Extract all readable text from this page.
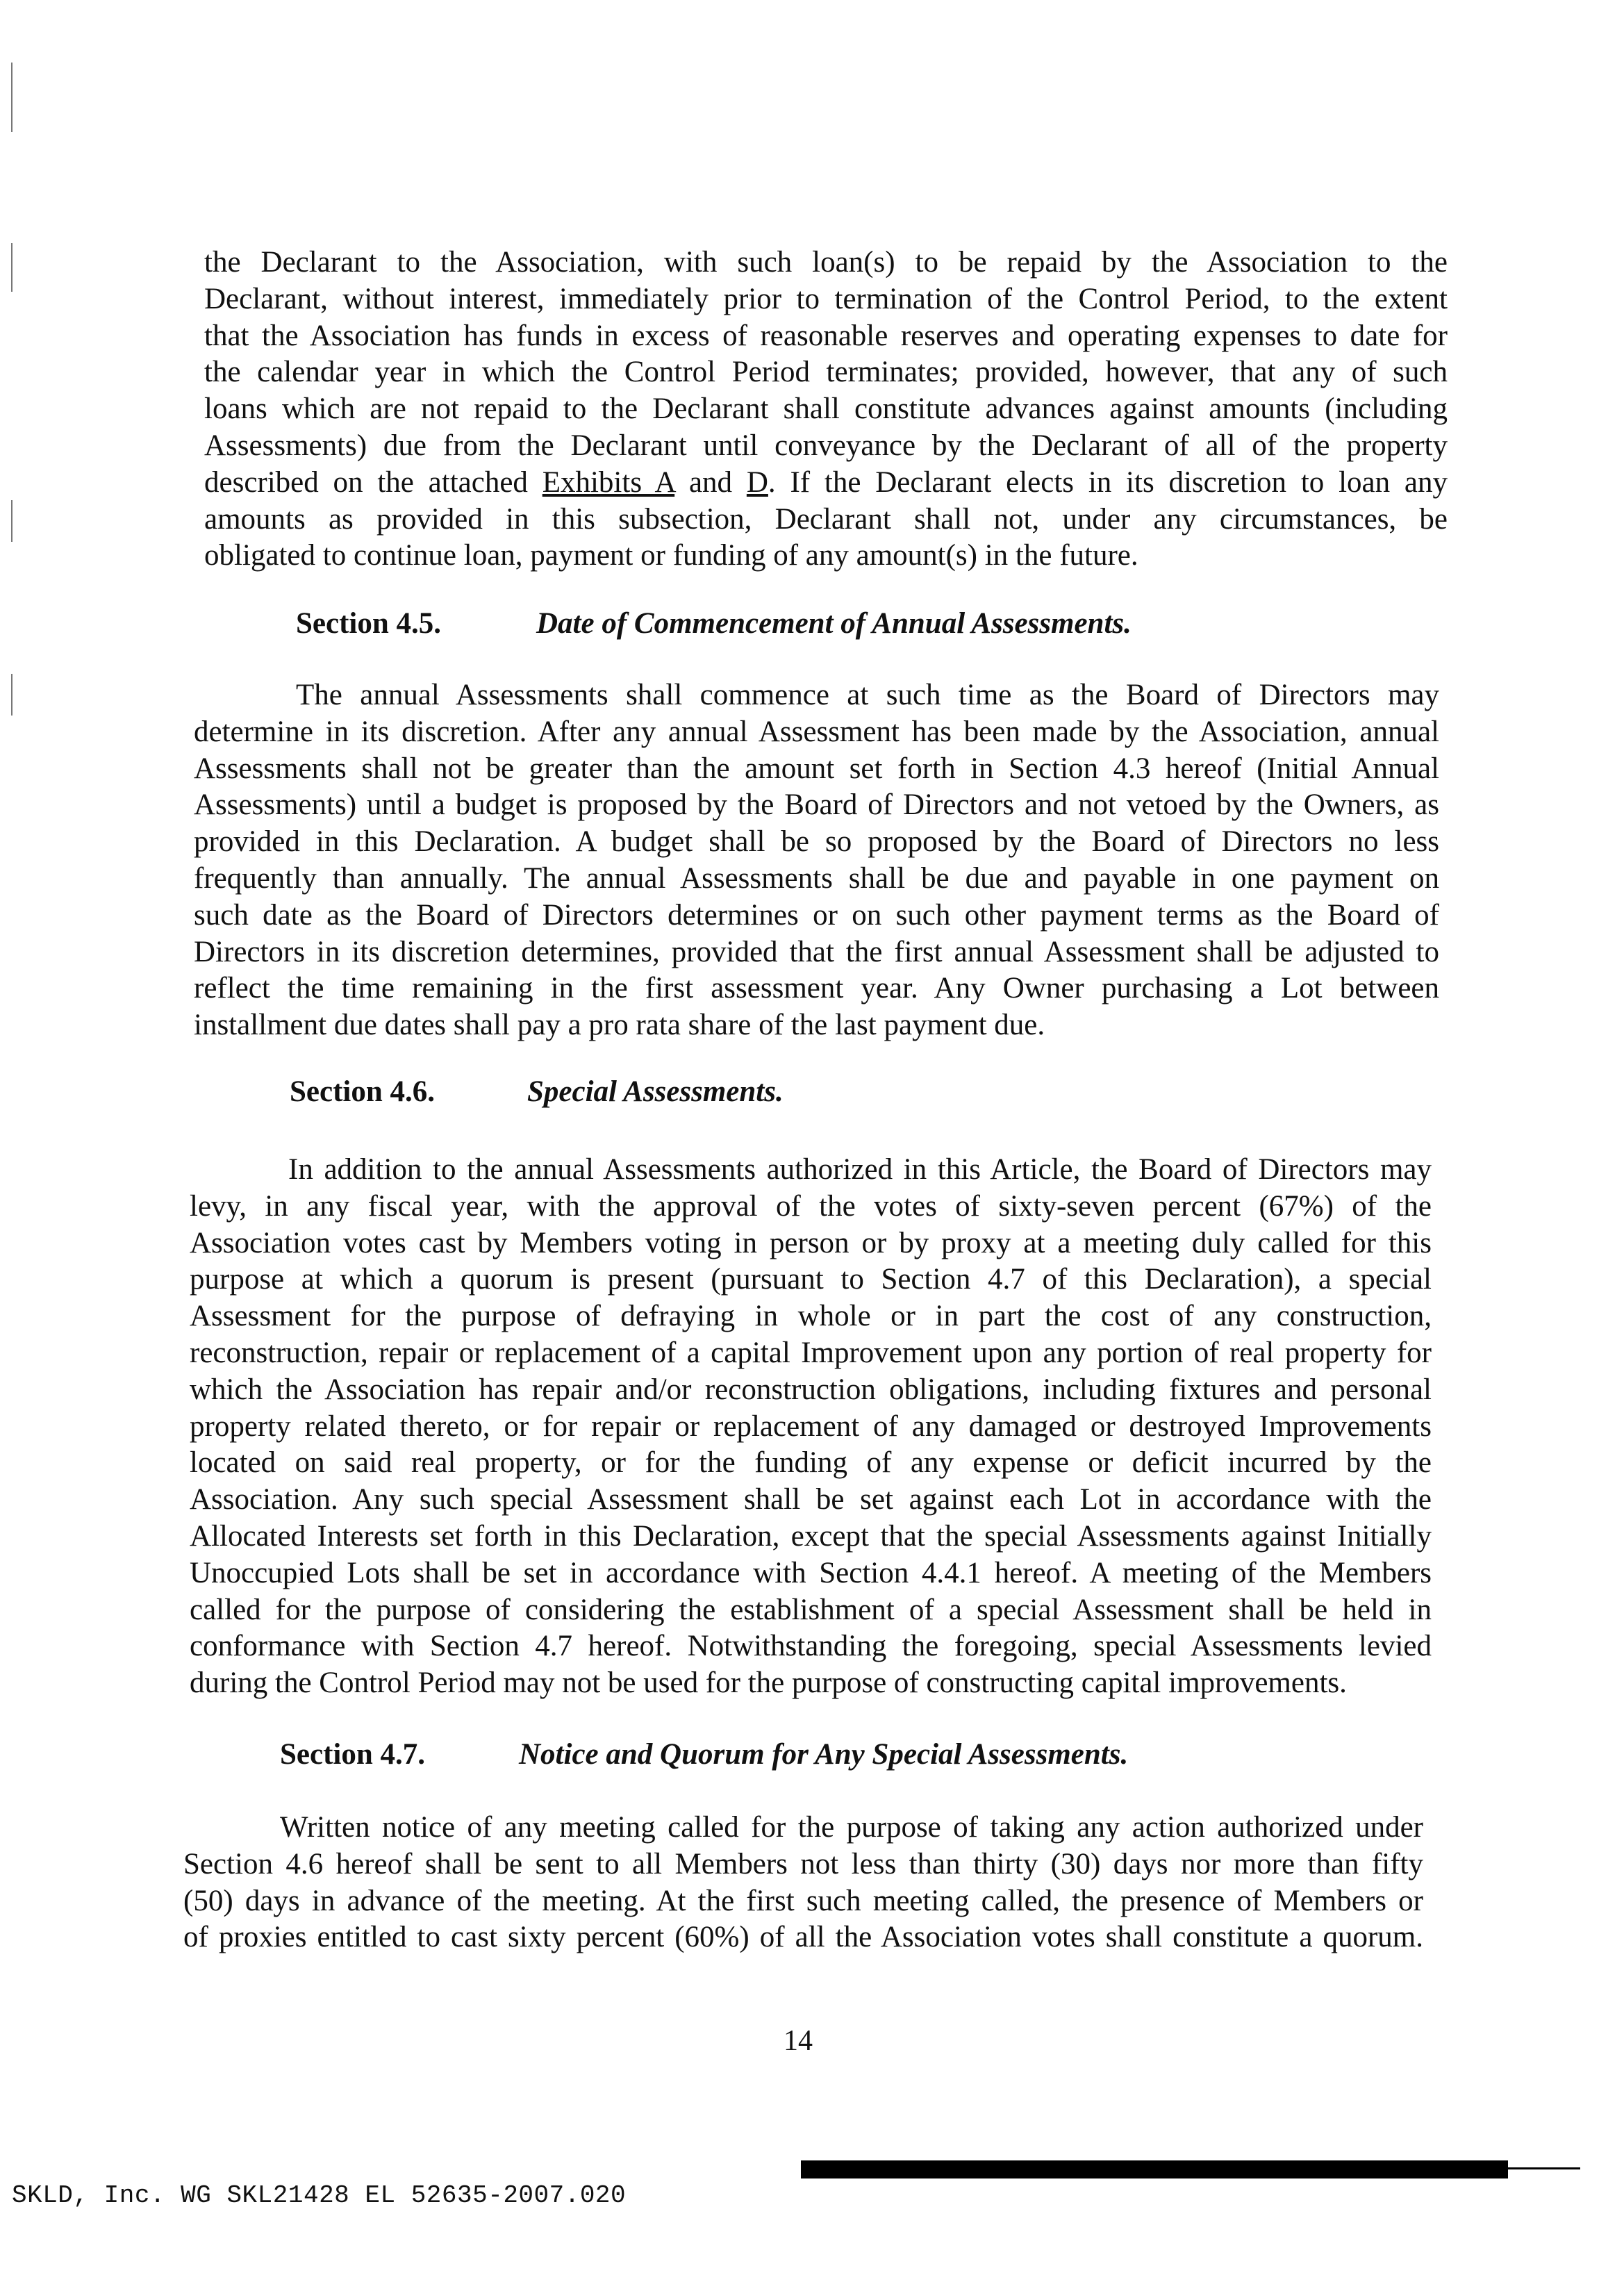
the Declarant to the Association, with such loan(s) to be repaid by the Association to the
Declarant, without interest, immediately prior to termination of the Control Period, to the extent
that the Association has funds in excess of reasonable reserves and operating expenses to date for
the calendar year in which the Control Period terminates; provided, however, that any of such
loans which are not repaid to the Declarant shall constitute advances against amounts (including
Assessments) due from the Declarant until conveyance by the Declarant of all of the property
described on the attached Exhibits A and D. If the Declarant elects in its discretion to loan any
amounts as provided in this subsection, Declarant shall not, under any circumstances, be
obligated to continue loan, payment or funding of any amount(s) in the future.
Section 4.5.	Date of Commencement of Annual Assessments.
The annual Assessments shall commence at such time as the Board of Directors may
determine in its discretion. After any annual Assessment has been made by the Association, annual
Assessments shall not be greater than the amount set forth in Section 4.3 hereof (Initial Annual
Assessments) until a budget is proposed by the Board of Directors and not vetoed by the Owners, as
provided in this Declaration. A budget shall be so proposed by the Board of Directors no less
frequently than annually. The annual Assessments shall be due and payable in one payment on
such date as the Board of Directors determines or on such other payment terms as the Board of
Directors in its discretion determines, provided that the first annual Assessment shall be adjusted to
reflect the time remaining in the first assessment year. Any Owner purchasing a Lot between
installment due dates shall pay a pro rata share of the last payment due.
Section 4.6.	Special Assessments.
In addition to the annual Assessments authorized in this Article, the Board of Directors may
levy, in any fiscal year, with the approval of the votes of sixty-seven percent (67%) of the
Association votes cast by Members voting in person or by proxy at a meeting duly called for this
purpose at which a quorum is present (pursuant to Section 4.7 of this Declaration), a special
Assessment for the purpose of defraying in whole or in part the cost of any construction,
reconstruction, repair or replacement of a capital Improvement upon any portion of real property for
which the Association has repair and/or reconstruction obligations, including fixtures and personal
property related thereto, or for repair or replacement of any damaged or destroyed Improvements
located on said real property, or for the funding of any expense or deficit incurred by the
Association. Any such special Assessment shall be set against each Lot in accordance with the
Allocated Interests set forth in this Declaration, except that the special Assessments against Initially
Unoccupied Lots shall be set in accordance with Section 4.4.1 hereof. A meeting of the Members
called for the purpose of considering the establishment of a special Assessment shall be held in
conformance with Section 4.7 hereof. Notwithstanding the foregoing, special Assessments levied
during the Control Period may not be used for the purpose of constructing capital improvements.
Section 4.7.	Notice and Quorum for Any Special Assessments.
Written notice of any meeting called for the purpose of taking any action authorized under
Section 4.6 hereof shall be sent to all Members not less than thirty (30) days nor more than fifty
(50) days in advance of the meeting. At the first such meeting called, the presence of Members or
of proxies entitled to cast sixty percent (60%) of all the Association votes shall constitute a quorum.
14
SKLD, Inc. WG SKL21428 EL 52635-2007.020
